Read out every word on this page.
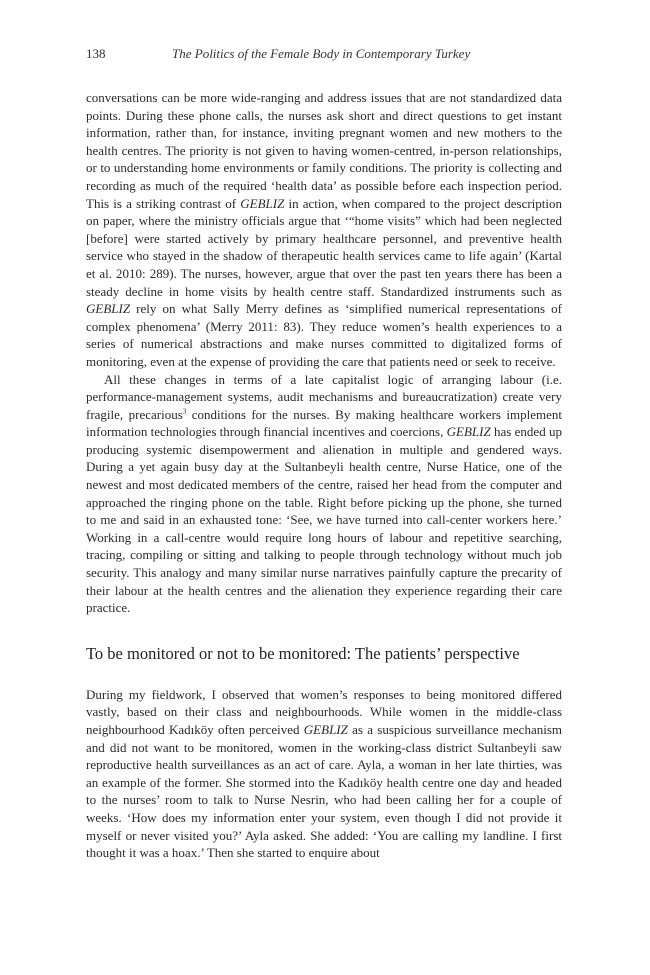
138	The Politics of the Female Body in Contemporary Turkey

conversations can be more wide-ranging and address issues that are not standardized data points. During these phone calls, the nurses ask short and direct questions to get instant information, rather than, for instance, inviting pregnant women and new mothers to the health centres. The priority is not given to having women-centred, in-person relationships, or to understanding home environments or family conditions. The priority is collecting and recording as much of the required ‘health data’ as possible before each inspection period. This is a striking contrast of GEBLIZ in action, when compared to the project description on paper, where the ministry officials argue that ‘“home visits” which had been neglected [before] were started actively by primary healthcare personnel, and preventive health service who stayed in the shadow of therapeutic health services came to life again’ (Kartal et al. 2010: 289). The nurses, however, argue that over the past ten years there has been a steady decline in home visits by health centre staff. Standardized instruments such as GEBLIZ rely on what Sally Merry defines as ‘simplified numerical representations of complex phenomena’ (Merry 2011: 83). They reduce women’s health experiences to a series of numerical abstractions and make nurses committed to digitalized forms of monitoring, even at the expense of providing the care that patients need or seek to receive.

All these changes in terms of a late capitalist logic of arranging labour (i.e. performance-management systems, audit mechanisms and bureaucratization) create very fragile, precarious$^3$ conditions for the nurses. By making healthcare workers implement information technologies through financial incentives and coercions, GEBLIZ has ended up producing systemic disempowerment and alienation in multiple and gendered ways. During a yet again busy day at the Sultanbeyli health centre, Nurse Hatice, one of the newest and most dedicated members of the centre, raised her head from the computer and approached the ringing phone on the table. Right before picking up the phone, she turned to me and said in an exhausted tone: ‘See, we have turned into call-center workers here.’ Working in a call-centre would require long hours of labour and repetitive searching, tracing, compiling or sitting and talking to people through technology without much job security. This analogy and many similar nurse narratives painfully capture the precarity of their labour at the health centres and the alienation they experience regarding their care practice.

To be monitored or not to be monitored: The patients’ perspective

During my fieldwork, I observed that women’s responses to being monitored differed vastly, based on their class and neighbourhoods. While women in the middle-class neighbourhood Kadıköy often perceived GEBLIZ as a suspicious surveillance mechanism and did not want to be monitored, women in the working-class district Sultanbeyli saw reproductive health surveillances as an act of care. Ayla, a woman in her late thirties, was an example of the former. She stormed into the Kadıköy health centre one day and headed to the nurses’ room to talk to Nurse Nesrin, who had been calling her for a couple of weeks. ‘How does my information enter your system, even though I did not provide it myself or never visited you?’ Ayla asked. She added: ‘You are calling my landline. I first thought it was a hoax.’ Then she started to enquire about
